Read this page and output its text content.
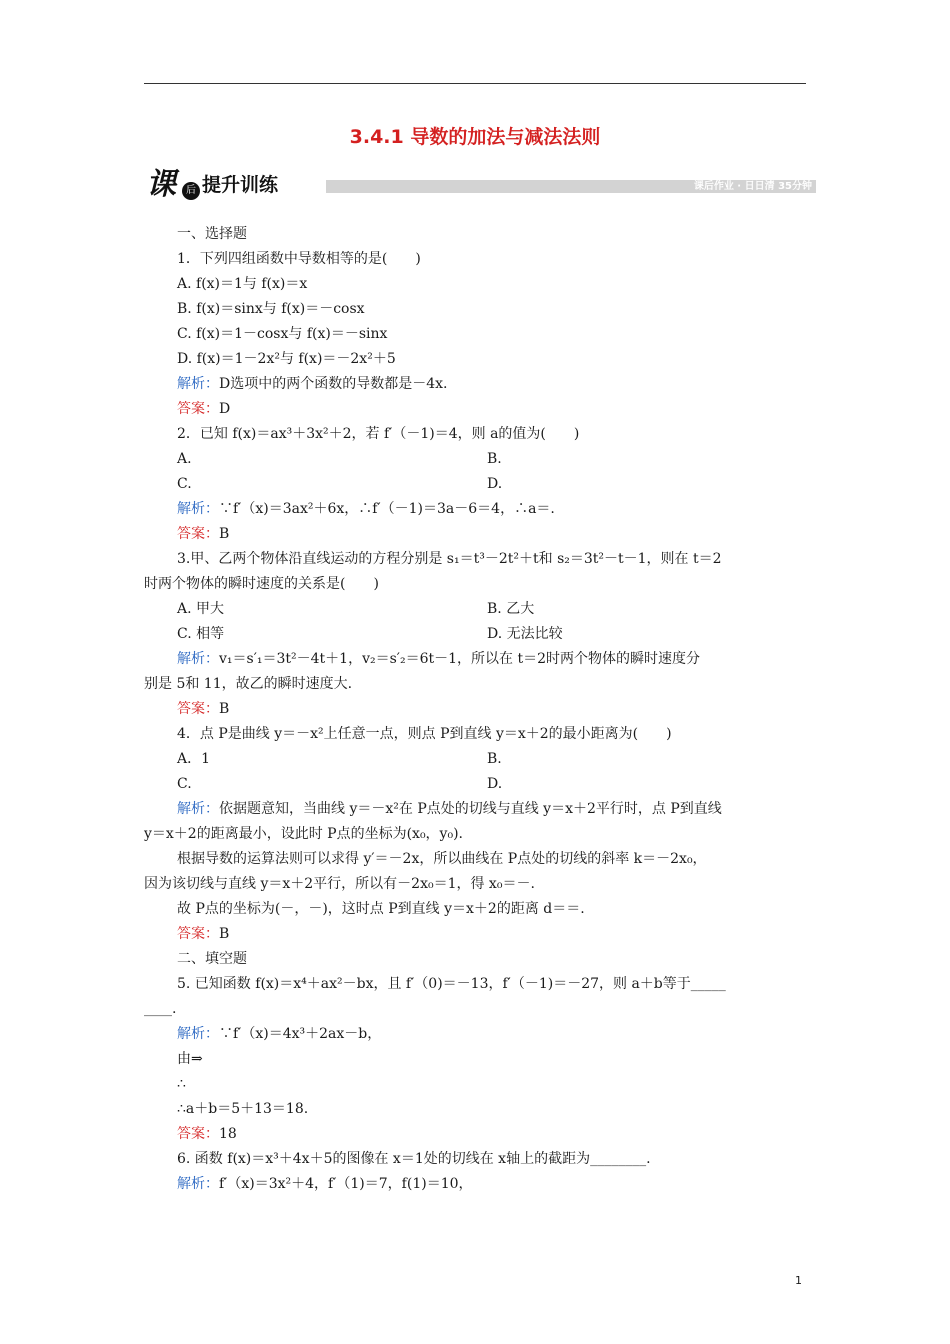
3.4.1 导数的加法与减法法则
课	后 提升训练	课后作业 · 日日清 35分钟
一、选择题
1．下列四组函数中导数相等的是(　　)
A. f(x)＝1与 f(x)＝x
B. f(x)＝sinx与 f(x)＝－cosx
C. f(x)＝1－cosx与 f(x)＝－sinx
D. f(x)＝1－2x²与 f(x)＝－2x²＋5
解析：D选项中的两个函数的导数都是－4x.
答案：D
2．已知 f(x)＝ax³＋3x²＋2，若 f′（－1)＝4，则 a的值为(　　)
A.	B.
C.	D.
解析：∵f′（x)＝3ax²＋6x，∴f′（－1)＝3a－6＝4，∴a＝.
答案：B
3.甲、乙两个物体沿直线运动的方程分别是 s₁＝t³－2t²＋t和 s₂＝3t²－t－1，则在 t＝2
时两个物体的瞬时速度的关系是(　　)
A. 甲大	B. 乙大
C. 相等	D. 无法比较
解析：v₁＝s′₁＝3t²－4t＋1，v₂＝s′₂＝6t－1，所以在 t＝2时两个物体的瞬时速度分
别是 5和 11，故乙的瞬时速度大.
答案：B
4．点 P是曲线 y＝－x²上任意一点，则点 P到直线 y＝x＋2的最小距离为(　　)
A．1	B.
C.	D.
解析：依据题意知，当曲线 y＝－x²在 P点处的切线与直线 y＝x＋2平行时，点 P到直线
y＝x＋2的距离最小，设此时 P点的坐标为(x₀，y₀).
根据导数的运算法则可以求得 y′＝－2x，所以曲线在 P点处的切线的斜率 k＝－2x₀，
因为该切线与直线 y＝x＋2平行，所以有－2x₀＝1，得 x₀＝－.
故 P点的坐标为(－，－)，这时点 P到直线 y＝x＋2的距离 d＝＝.
答案：B
二、填空题
5. 已知函数 f(x)＝x⁴＋ax²－bx，且 f′（0)＝－13，f′（－1)＝－27，则 a＋b等于_____
____.
解析：∵f′（x)＝4x³＋2ax－b，
由⇒
∴
∴a＋b＝5＋13＝18.
答案：18
6. 函数 f(x)＝x³＋4x＋5的图像在 x＝1处的切线在 x轴上的截距为________.
解析：f′（x)＝3x²＋4，f′（1)＝7，f(1)＝10，
1
